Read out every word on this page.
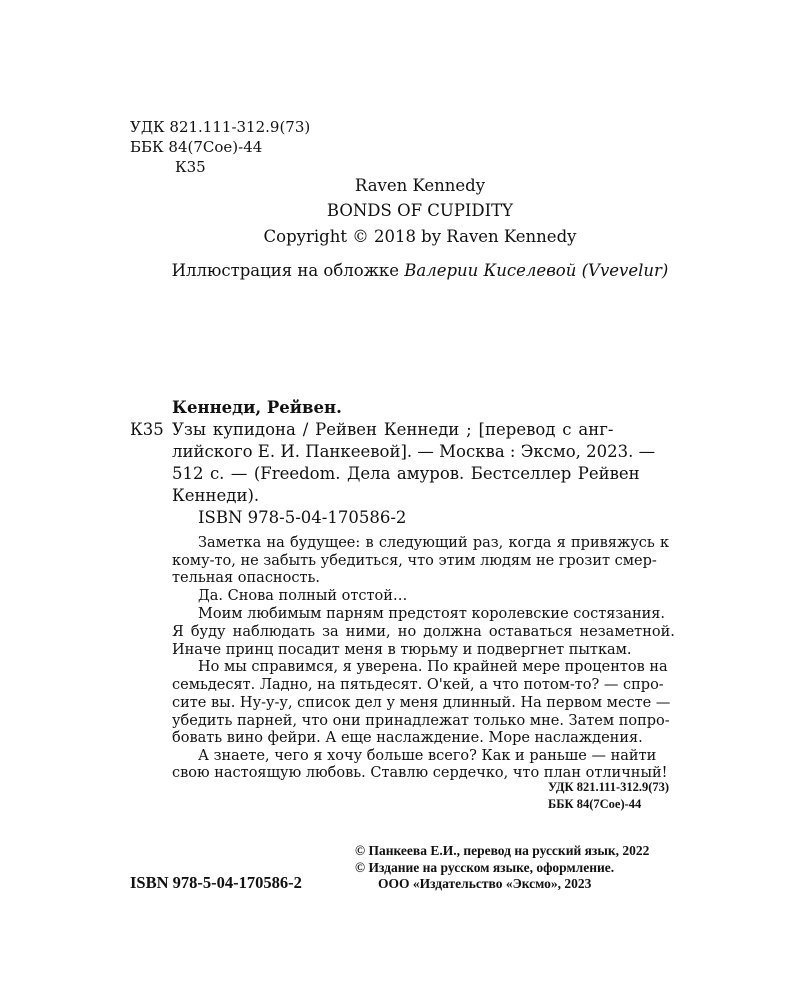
УДК 821.111-312.9(73)
ББК 84(7Сое)-44
К35
Raven Kennedy
BONDS OF CUPIDITY
Copyright © 2018 by Raven Kennedy
Иллюстрация на обложке Валерии Киселевой (Vvevelur)
Кеннеди, Рейвен.
К35 Узы купидона / Рейвен Кеннеди ; [перевод с анг-
лийского Е. И. Панкеевой]. — Москва : Эксмо, 2023. —
512 с. — (Freedom. Дела амуров. Бестселлер Рейвен
Кеннеди).
ISBN 978-5-04-170586-2
Заметка на будущее: в следующий раз, когда я привяжусь к
кому-то, не забыть убедиться, что этим людям не грозит смер-
тельная опасность.
Да. Снова полный отстой…
Моим любимым парням предстоят королевские состязания.
Я буду наблюдать за ними, но должна оставаться незаметной.
Иначе принц посадит меня в тюрьму и подвергнет пыткам.
Но мы справимся, я уверена. По крайней мере процентов на
семьдесят. Ладно, на пятьдесят. О'кей, а что потом-то? — спро-
сите вы. Ну-у-у, список дел у меня длинный. На первом месте —
убедить парней, что они принадлежат только мне. Затем попро-
бовать вино фейри. А еще наслаждение. Море наслаждения.
А знаете, чего я хочу больше всего? Как и раньше — найти
свою настоящую любовь. Ставлю сердечко, что план отличный!
УДК 821.111-312.9(73)
ББК 84(7Сое)-44
© Панкеева Е.И., перевод на русский язык, 2022
© Издание на русском языке, оформление.
ООО «Издательство «Эксмо», 2023
ISBN 978-5-04-170586-2
